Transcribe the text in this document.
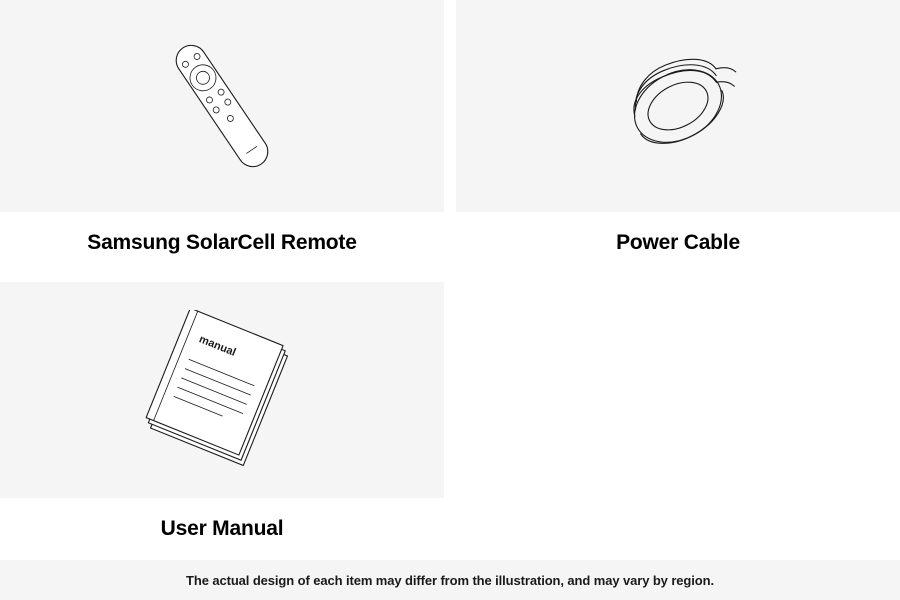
Samsung SolarCell Remote	Power Cable
manual
User Manual
The actual design of each item may differ from the illustration, and may vary by region.
